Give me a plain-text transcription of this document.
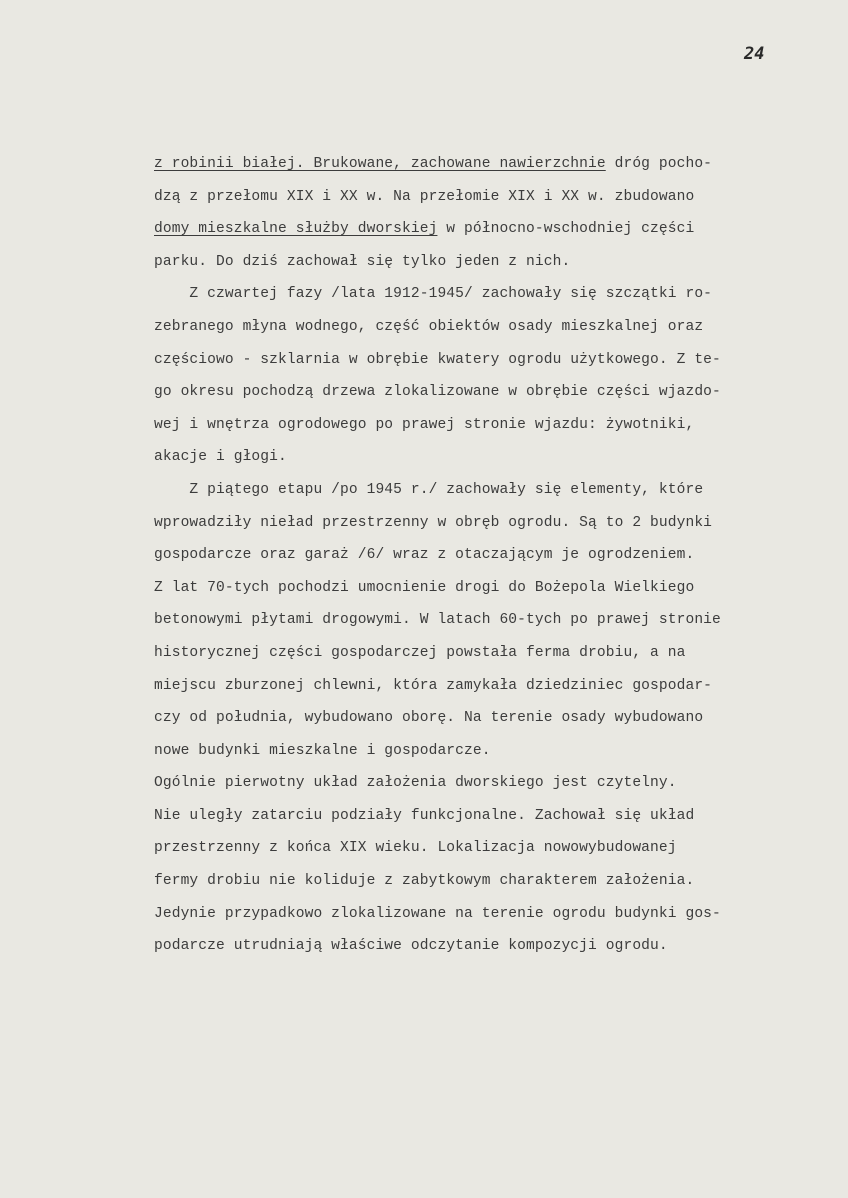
24
z robinii białej. Brukowane, zachowane nawierzchnie dróg pocho-
dzą z przełomu XIX i XX w. Na przełomie XIX i XX w. zbudowano
domy mieszkalne służby dworskiej w północno-wschodniej części
parku. Do dziś zachował się tylko jeden z nich.
Z czwartej fazy /lata 1912-1945/ zachowały się szczątki ro-
zebranego młyna wodnego, część obiektów osady mieszkalnej oraz
częściowo - szklarnia w obrębie kwatery ogrodu użytkowego. Z te-
go okresu pochodzą drzewa zlokalizowane w obrębie części wjazdo-
wej i wnętrza ogrodowego po prawej stronie wjazdu: żywotniki,
akacje i głogi.
Z piątego etapu /po 1945 r./ zachowały się elementy, które
wprowadziły nieład przestrzenny w obręb ogrodu. Są to 2 budynki
gospodarcze oraz garaż /6/ wraz z otaczającym je ogrodzeniem.
Z lat 70-tych pochodzi umocnienie drogi do Bożepola Wielkiego
betonowymi płytami drogowymi. W latach 60-tych po prawej stronie
historycznej części gospodarczej powstała ferma drobiu, a na
miejscu zburzonej chlewni, która zamykała dziedziniec gospodar-
czy od południa, wybudowano oborę. Na terenie osady wybudowano
nowe budynki mieszkalne i gospodarcze.
Ogólnie pierwotny układ założenia dworskiego jest czytelny.
Nie uległy zatarciu podziały funkcjonalne. Zachował się układ
przestrzenny z końca XIX wieku. Lokalizacja nowowybudowanej
fermy drobiu nie koliduje z zabytkowym charakterem założenia.
Jedynie przypadkowo zlokalizowane na terenie ogrodu budynki gos-
podarcze utrudniają właściwe odczytanie kompozycji ogrodu.
